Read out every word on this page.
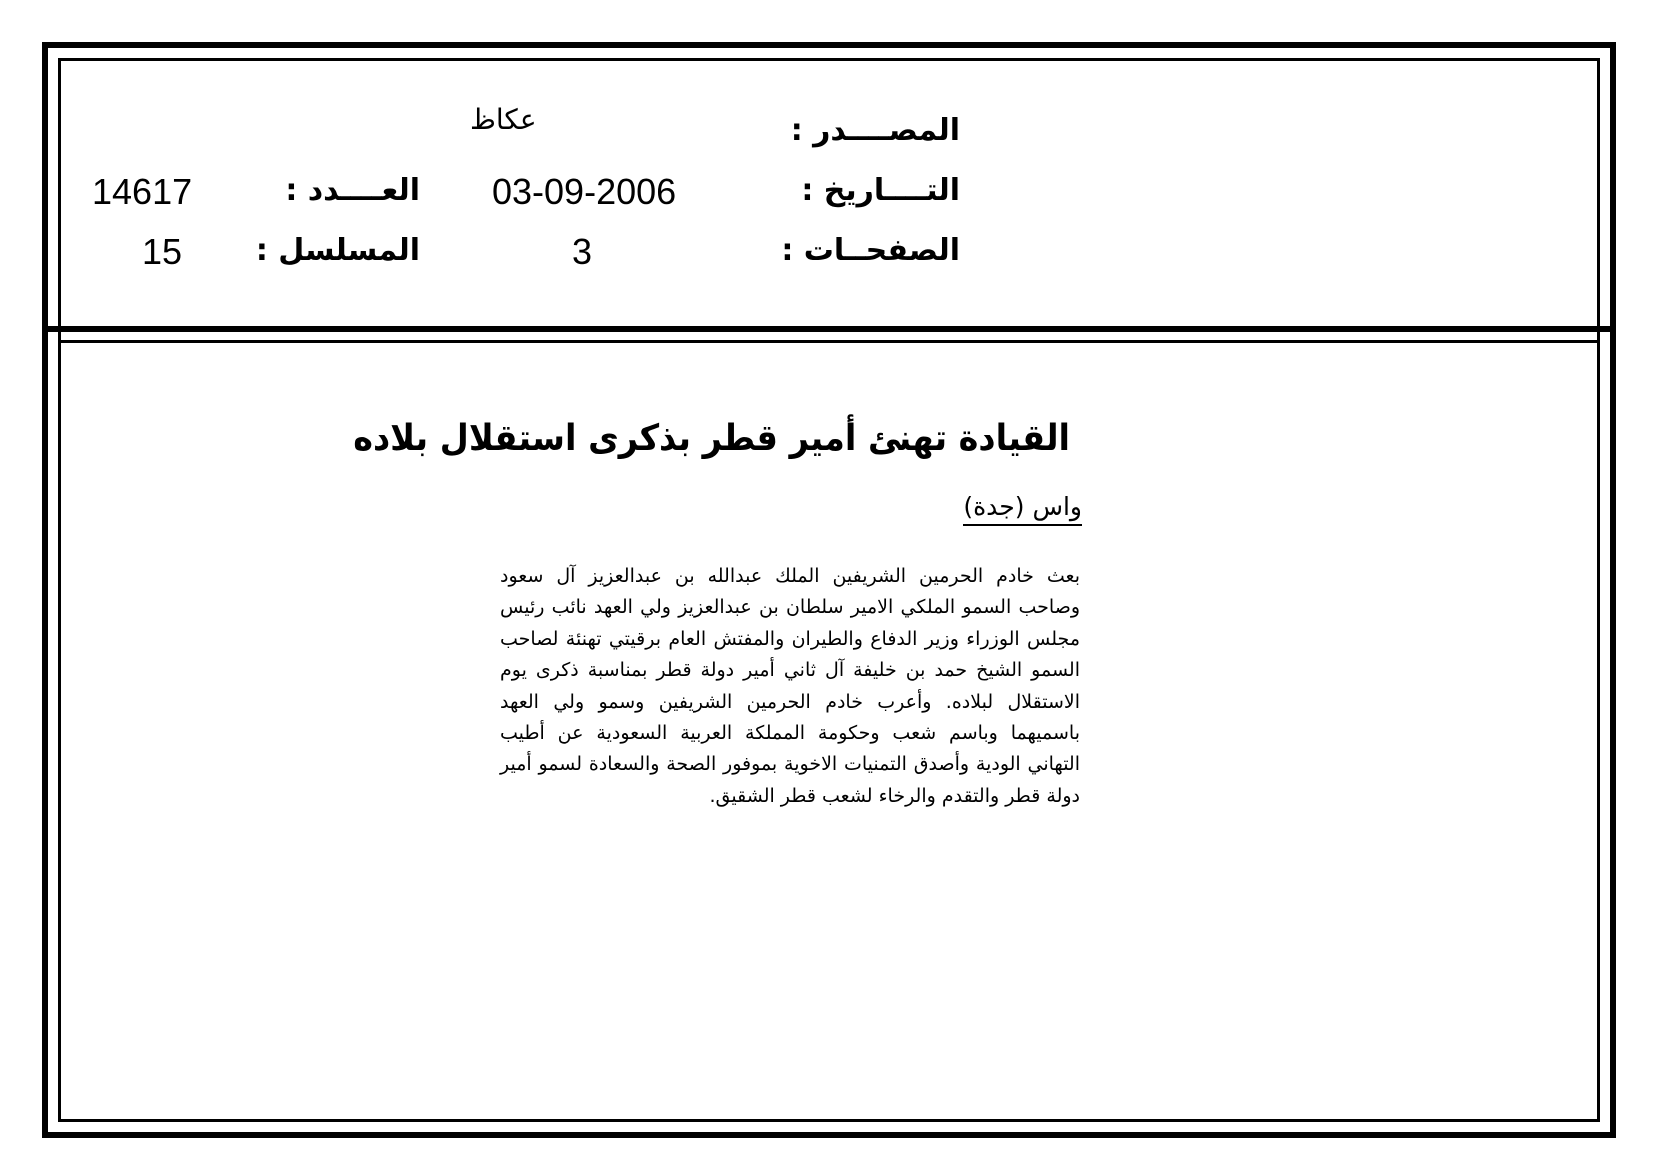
المصــــدر :
عكاظ
التــــاريخ :
03-09-2006
الصفحــات :
3
العــــدد :
14617
المسلسل :
15
القيادة تهنئ أمير قطر بذكرى استقلال بلاده
واس (جدة)
بعث خادم الحرمين الشريفين الملك عبدالله بن عبدالعزيز آل سعود وصاحب السمو الملكي الامير سلطان بن عبدالعزيز ولي العهد نائب رئيس مجلس الوزراء وزير الدفاع والطيران والمفتش العام برقيتي تهنئة لصاحب السمو الشيخ حمد بن خليفة آل ثاني أمير دولة قطر بمناسبة ذكرى يوم الاستقلال لبلاده. وأعرب خادم الحرمين الشريفين وسمو ولي العهد باسميهما وباسم شعب وحكومة المملكة العربية السعودية عن أطيب التهاني الودية وأصدق التمنيات الاخوية بموفور الصحة والسعادة لسمو أمير دولة قطر والتقدم والرخاء لشعب قطر الشقيق.
